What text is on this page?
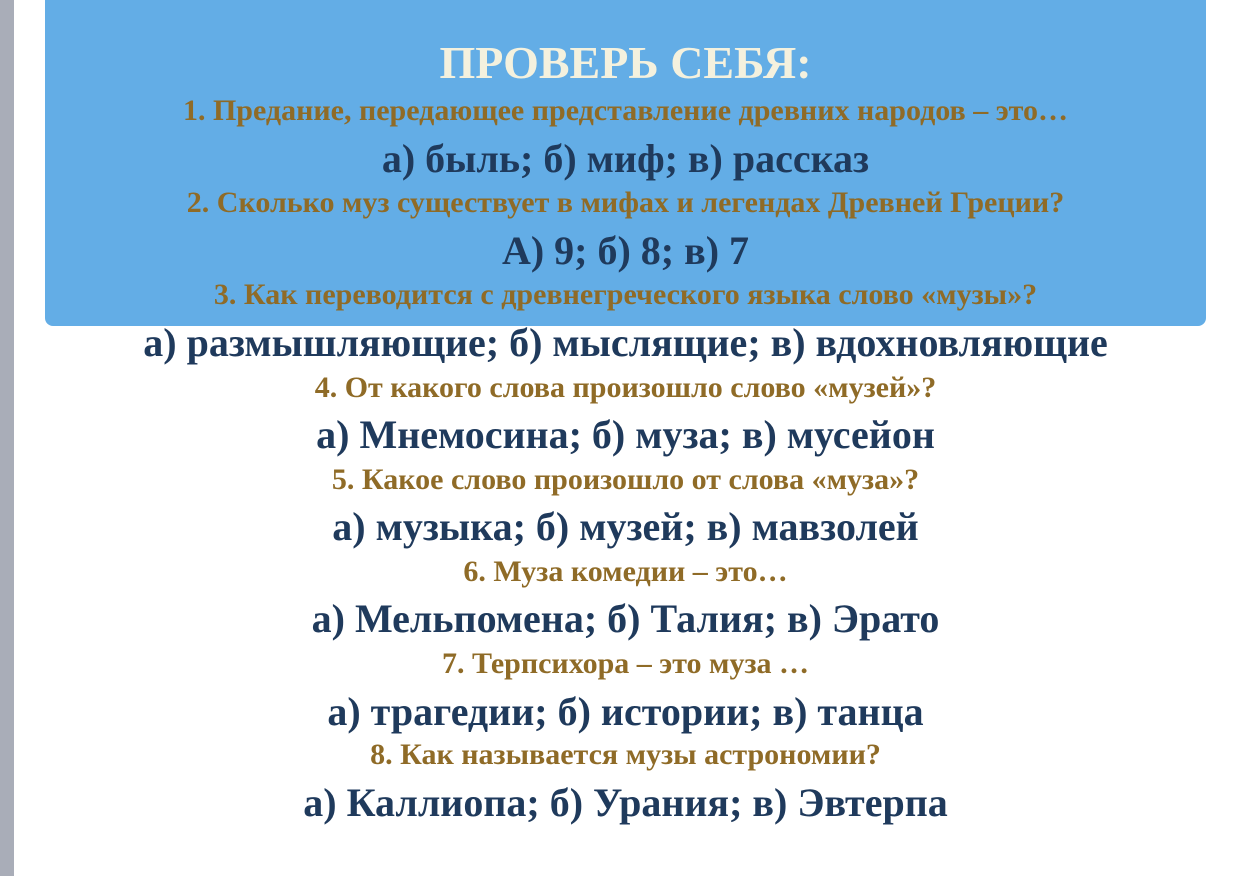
ПРОВЕРЬ СЕБЯ:

1. Предание, передающее представление древних народов – это…

а) быль; б) миф; в) рассказ

2. Сколько муз существует в мифах и легендах Древней Греции?

А) 9; б) 8; в) 7

3. Как переводится с древнегреческого языка слово «музы»?

а) размышляющие; б) мыслящие; в) вдохновляющие

4. От какого слова произошло слово «музей»?

а) Мнемосина; б) муза; в) мусейон

5. Какое слово произошло от слова «муза»?

а) музыка; б) музей; в) мавзолей

6. Муза комедии – это…

а) Мельпомена; б) Талия; в) Эрато

7. Терпсихора – это муза …

а) трагедии; б) истории; в) танца

8. Как называется музы астрономии?

а) Каллиопа; б) Урания; в) Эвтерпа
